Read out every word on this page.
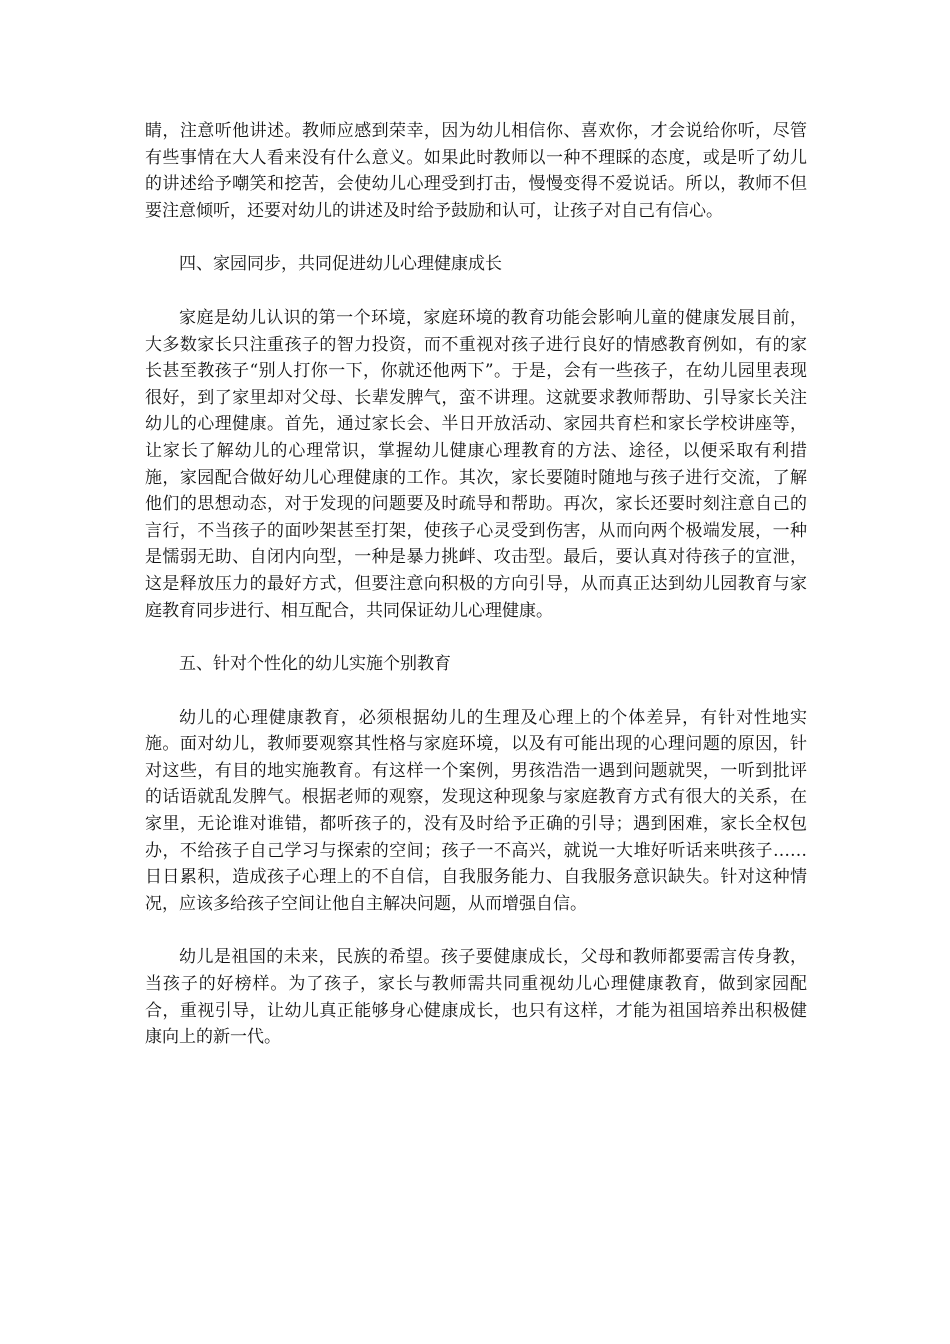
睛，注意听他讲述。教师应感到荣幸，因为幼儿相信你、喜欢你，才会说给你听，尽管有些事情在大人看来没有什么意义。如果此时教师以一种不理睬的态度，或是听了幼儿的讲述给予嘲笑和挖苦，会使幼儿心理受到打击，慢慢变得不爱说话。所以，教师不但要注意倾听，还要对幼儿的讲述及时给予鼓励和认可，让孩子对自己有信心。

四、家园同步，共同促进幼儿心理健康成长

家庭是幼儿认识的第一个环境，家庭环境的教育功能会影响儿童的健康发展目前，大多数家长只注重孩子的智力投资，而不重视对孩子进行良好的情感教育例如，有的家长甚至教孩子“别人打你一下，你就还他两下”。于是，会有一些孩子，在幼儿园里表现很好，到了家里却对父母、长辈发脾气，蛮不讲理。这就要求教师帮助、引导家长关注幼儿的心理健康。首先，通过家长会、半日开放活动、家园共育栏和家长学校讲座等，让家长了解幼儿的心理常识，掌握幼儿健康心理教育的方法、途径，以便采取有利措施，家园配合做好幼儿心理健康的工作。其次，家长要随时随地与孩子进行交流，了解他们的思想动态，对于发现的问题要及时疏导和帮助。再次，家长还要时刻注意自己的言行，不当孩子的面吵架甚至打架，使孩子心灵受到伤害，从而向两个极端发展，一种是懦弱无助、自闭内向型，一种是暴力挑衅、攻击型。最后，要认真对待孩子的宣泄，这是释放压力的最好方式，但要注意向积极的方向引导，从而真正达到幼儿园教育与家庭教育同步进行、相互配合，共同保证幼儿心理健康。

五、针对个性化的幼儿实施个别教育

幼儿的心理健康教育，必须根据幼儿的生理及心理上的个体差异，有针对性地实施。面对幼儿，教师要观察其性格与家庭环境，以及有可能出现的心理问题的原因，针对这些，有目的地实施教育。有这样一个案例，男孩浩浩一遇到问题就哭，一听到批评的话语就乱发脾气。根据老师的观察，发现这种现象与家庭教育方式有很大的关系，在家里，无论谁对谁错，都听孩子的，没有及时给予正确的引导；遇到困难，家长全权包办，不给孩子自己学习与探索的空间；孩子一不高兴，就说一大堆好听话来哄孩子……日日累积，造成孩子心理上的不自信，自我服务能力、自我服务意识缺失。针对这种情况，应该多给孩子空间让他自主解决问题，从而增强自信。

幼儿是祖国的未来，民族的希望。孩子要健康成长，父母和教师都要需言传身教，当孩子的好榜样。为了孩子，家长与教师需共同重视幼儿心理健康教育，做到家园配合，重视引导，让幼儿真正能够身心健康成长，也只有这样，才能为祖国培养出积极健康向上的新一代。
